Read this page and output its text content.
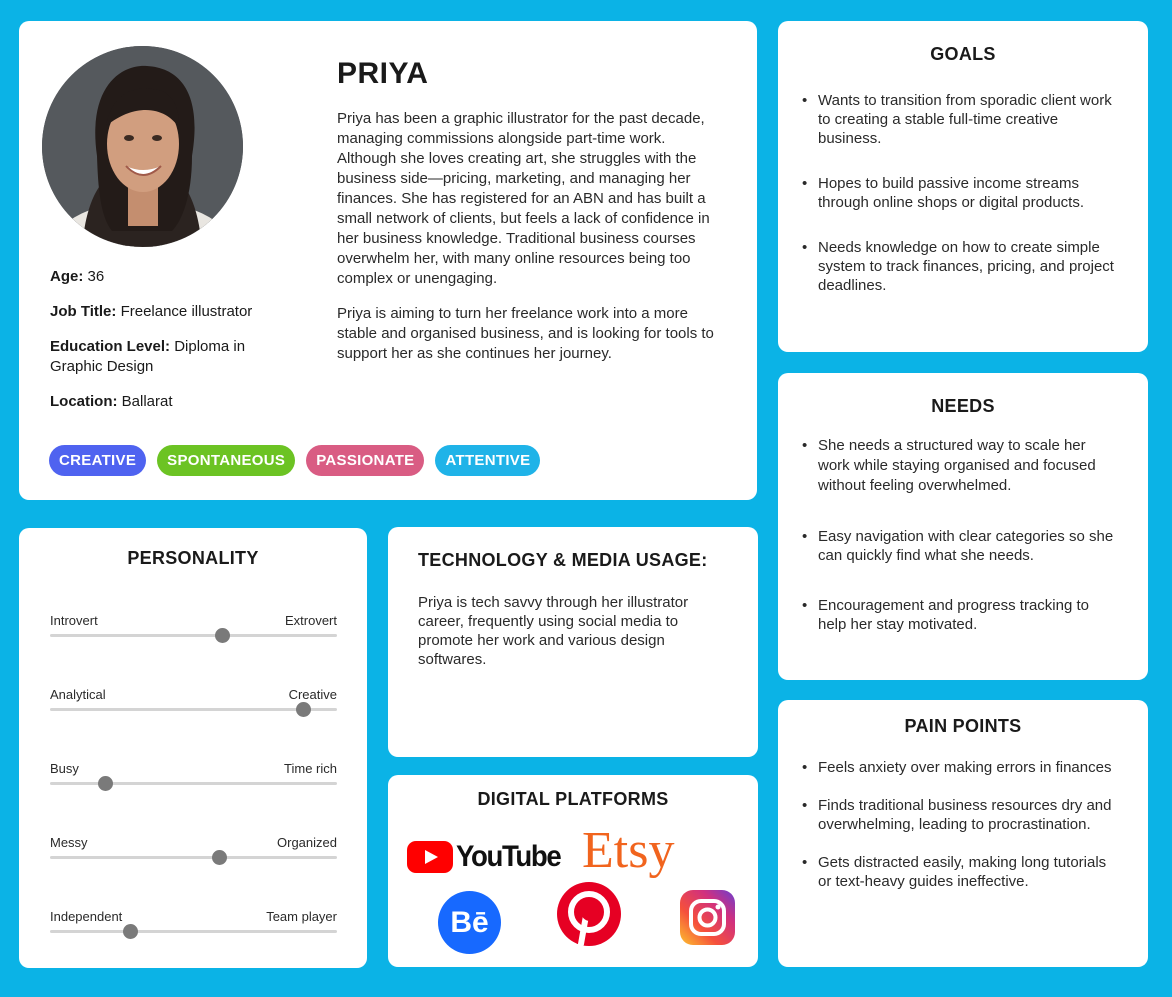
Age: 36

Job Title: Freelance illustrator

Education Level: Diploma in Graphic Design

Location: Ballarat

PRIYA

Priya has been a graphic illustrator for the past decade, managing commissions alongside part-time work. Although she loves creating art, she struggles with the business side—pricing, marketing, and managing her finances. She has registered for an ABN and has built a small network of clients, but feels a lack of confidence in her business knowledge. Traditional business courses overwhelm her, with many online resources being too complex or unengaging.

Priya is aiming to turn her freelance work into a more stable and organised business, and is looking for tools to support her as she continues her journey.

CREATIVE	SPONTANEOUS	PASSIONATE	ATTENTIVE
GOALS
• Wants to transition from sporadic client work to creating a stable full-time creative business.
• Hopes to build passive income streams through online shops or digital products.
• Needs knowledge on how to create simple system to track finances, pricing, and project deadlines.
NEEDS
• She needs a structured way to scale her work while staying organised and focused without feeling overwhelmed.
• Easy navigation with clear categories so she can quickly find what she needs.
• Encouragement and progress tracking to help her stay motivated.
PAIN POINTS
• Feels anxiety over making errors in finances
• Finds traditional business resources dry and overwhelming, leading to procrastination.
• Gets distracted easily, making long tutorials or text-heavy guides ineffective.
PERSONALITY
Introvert	Extrovert
Analytical	Creative
Busy	Time rich
Messy	Organized
Independent	Team player
TECHNOLOGY & MEDIA USAGE:
Priya is tech savvy through her illustrator career, frequently using social media to promote her work and various design softwares.
DIGITAL PLATFORMS
YouTube Etsy
Bē
